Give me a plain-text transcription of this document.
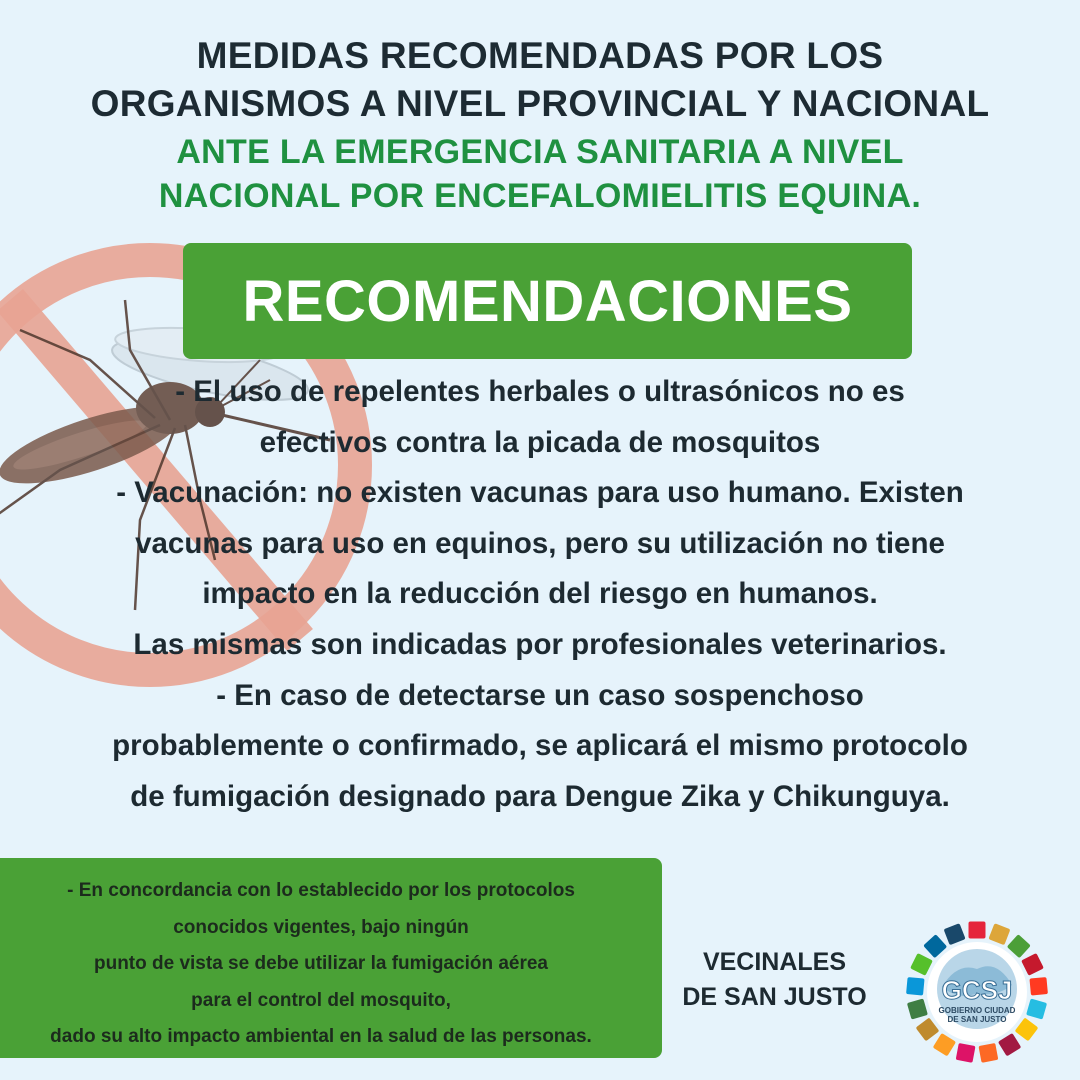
MEDIDAS RECOMENDADAS POR LOS
ORGANISMOS A NIVEL PROVINCIAL Y NACIONAL
ANTE LA EMERGENCIA SANITARIA A NIVEL
NACIONAL POR ENCEFALOMIELITIS EQUINA.
RECOMENDACIONES
- El uso de repelentes herbales o ultrasónicos no es
efectivos contra la picada de mosquitos
- Vacunación: no existen vacunas para uso humano. Existen
vacunas para uso en equinos, pero su utilización no tiene
impacto en la reducción del riesgo en humanos.
Las mismas son indicadas por profesionales veterinarios.
- En caso de detectarse un caso sospenchoso
probablemente o confirmado, se aplicará el mismo protocolo
de fumigación designado para Dengue Zika y Chikunguya.
- En concordancia con lo establecido por los protocolos
conocidos vigentes, bajo ningún
punto de vista se debe utilizar la fumigación aérea
para el control del mosquito,
dado su alto impacto ambiental en la salud de las personas.
VECINALES
DE SAN JUSTO	GCSJ
GOBIERNO CIUDAD
DE SAN JUSTO
